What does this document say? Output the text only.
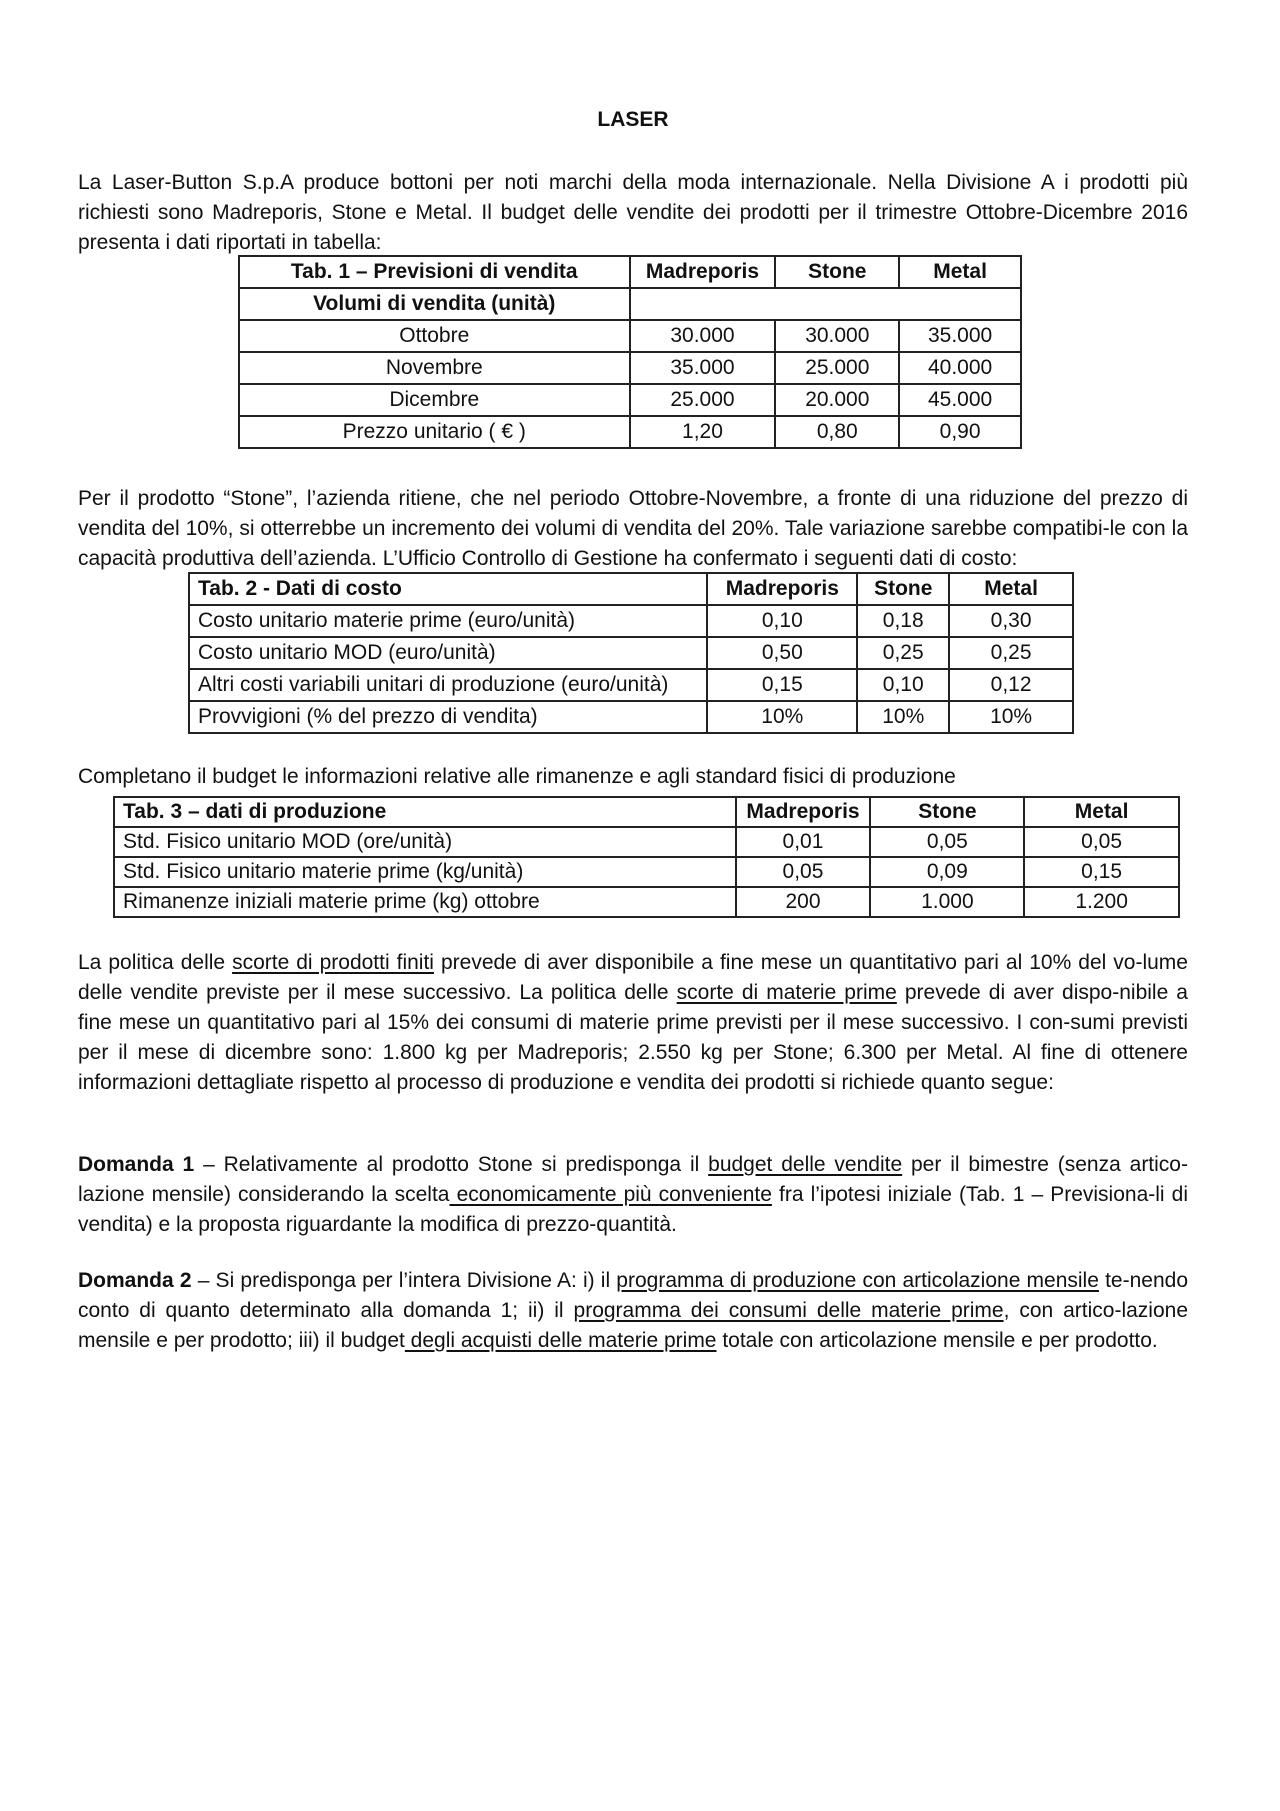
LASER

La Laser-Button S.p.A produce bottoni per noti marchi della moda internazionale. Nella Divisione A i prodotti più richiesti sono Madreporis, Stone e Metal. Il budget delle vendite dei prodotti per il trimestre Ottobre-Dicembre 2016 presenta i dati riportati in tabella:

Tab. 1 – Previsioni di vendita	Madreporis	Stone	Metal
Volumi di vendita (unità)			
Ottobre	30.000	30.000	35.000
Novembre	35.000	25.000	40.000
Dicembre	25.000	20.000	45.000
Prezzo unitario ( € )	1,20	0,80	0,90

Per il prodotto “Stone”, l’azienda ritiene, che nel periodo Ottobre-Novembre, a fronte di una riduzione del prezzo di vendita del 10%, si otterrebbe un incremento dei volumi di vendita del 20%. Tale variazione sarebbe compatibi-le con la capacità produttiva dell’azienda. L’Ufficio Controllo di Gestione ha confermato i seguenti dati di costo:

Tab. 2 - Dati di costo	Madreporis	Stone	Metal
Costo unitario materie prime (euro/unità)	0,10	0,18	0,30
Costo unitario MOD (euro/unità)	0,50	0,25	0,25
Altri costi variabili unitari di produzione (euro/unità)	0,15	0,10	0,12
Provvigioni (% del prezzo di vendita)	10%	10%	10%

Completano il budget le informazioni relative alle rimanenze e agli standard fisici di produzione

Tab. 3 – dati di produzione	Madreporis	Stone	Metal
Std. Fisico unitario MOD (ore/unità)	0,01	0,05	0,05
Std. Fisico unitario materie prime (kg/unità)	0,05	0,09	0,15
Rimanenze iniziali materie prime (kg) ottobre	200	1.000	1.200

La politica delle scorte di prodotti finiti prevede di aver disponibile a fine mese un quantitativo pari al 10% del vo-lume delle vendite previste per il mese successivo. La politica delle scorte di materie prime prevede di aver dispo-nibile a fine mese un quantitativo pari al 15% dei consumi di materie prime previsti per il mese successivo. I con-sumi previsti per il mese di dicembre sono: 1.800 kg per Madreporis; 2.550 kg per Stone; 6.300 per Metal. Al fine di ottenere informazioni dettagliate rispetto al processo di produzione e vendita dei prodotti si richiede quanto segue:

Domanda 1 – Relativamente al prodotto Stone si predisponga il budget delle vendite per il bimestre (senza artico-lazione mensile) considerando la scelta economicamente più conveniente fra l’ipotesi iniziale (Tab. 1 – Previsiona-li di vendita) e la proposta riguardante la modifica di prezzo-quantità.

Domanda 2 – Si predisponga per l’intera Divisione A: i) il programma di produzione con articolazione mensile te-nendo conto di quanto determinato alla domanda 1; ii) il programma dei consumi delle materie prime, con artico-lazione mensile e per prodotto; iii) il budget degli acquisti delle materie prime totale con articolazione mensile e per prodotto.
